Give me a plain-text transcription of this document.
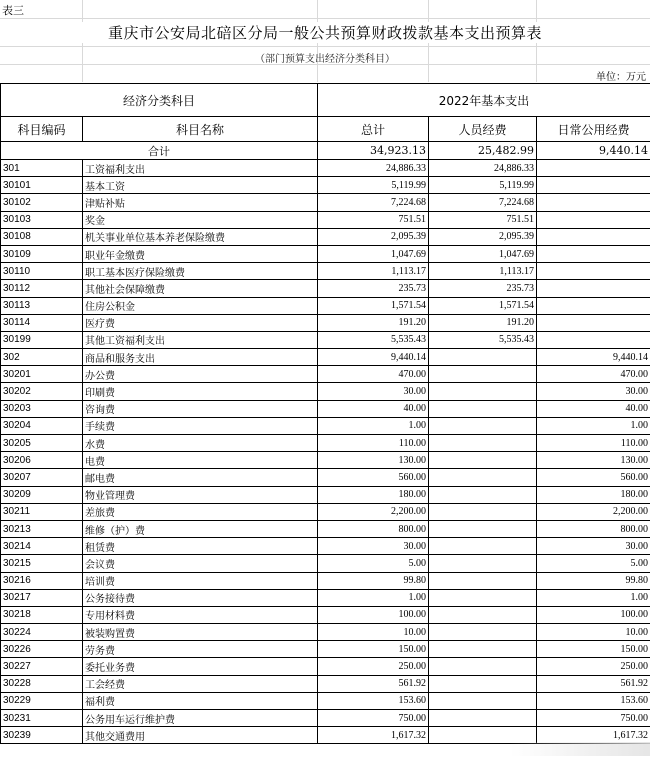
表三
重庆市公安局北碚区分局一般公共预算财政拨款基本支出预算表
（部门预算支出经济分类科目）
单位：万元
经济分类科目		2022年基本支出		
科目编码	科目名称	总计	人员经费	日常公用经费
合计		34,923.13	25,482.99	9,440.14
301	工资福利支出	24,886.33	24,886.33	
30101	基本工资	5,119.99	5,119.99	
30102	津贴补贴	7,224.68	7,224.68	
30103	奖金	751.51	751.51	
30108	机关事业单位基本养老保险缴费	2,095.39	2,095.39	
30109	职业年金缴费	1,047.69	1,047.69	
30110	职工基本医疗保险缴费	1,113.17	1,113.17	
30112	其他社会保障缴费	235.73	235.73	
30113	住房公积金	1,571.54	1,571.54	
30114	医疗费	191.20	191.20	
30199	其他工资福利支出	5,535.43	5,535.43	
302	商品和服务支出	9,440.14		9,440.14
30201	办公费	470.00		470.00
30202	印刷费	30.00		30.00
30203	咨询费	40.00		40.00
30204	手续费	1.00		1.00
30205	水费	110.00		110.00
30206	电费	130.00		130.00
30207	邮电费	560.00		560.00
30209	物业管理费	180.00		180.00
30211	差旅费	2,200.00		2,200.00
30213	维修（护）费	800.00		800.00
30214	租赁费	30.00		30.00
30215	会议费	5.00		5.00
30216	培训费	99.80		99.80
30217	公务接待费	1.00		1.00
30218	专用材料费	100.00		100.00
30224	被装购置费	10.00		10.00
30226	劳务费	150.00		150.00
30227	委托业务费	250.00		250.00
30228	工会经费	561.92		561.92
30229	福利费	153.60		153.60
30231	公务用车运行维护费	750.00		750.00
30239	其他交通费用	1,617.32		1,617.32
